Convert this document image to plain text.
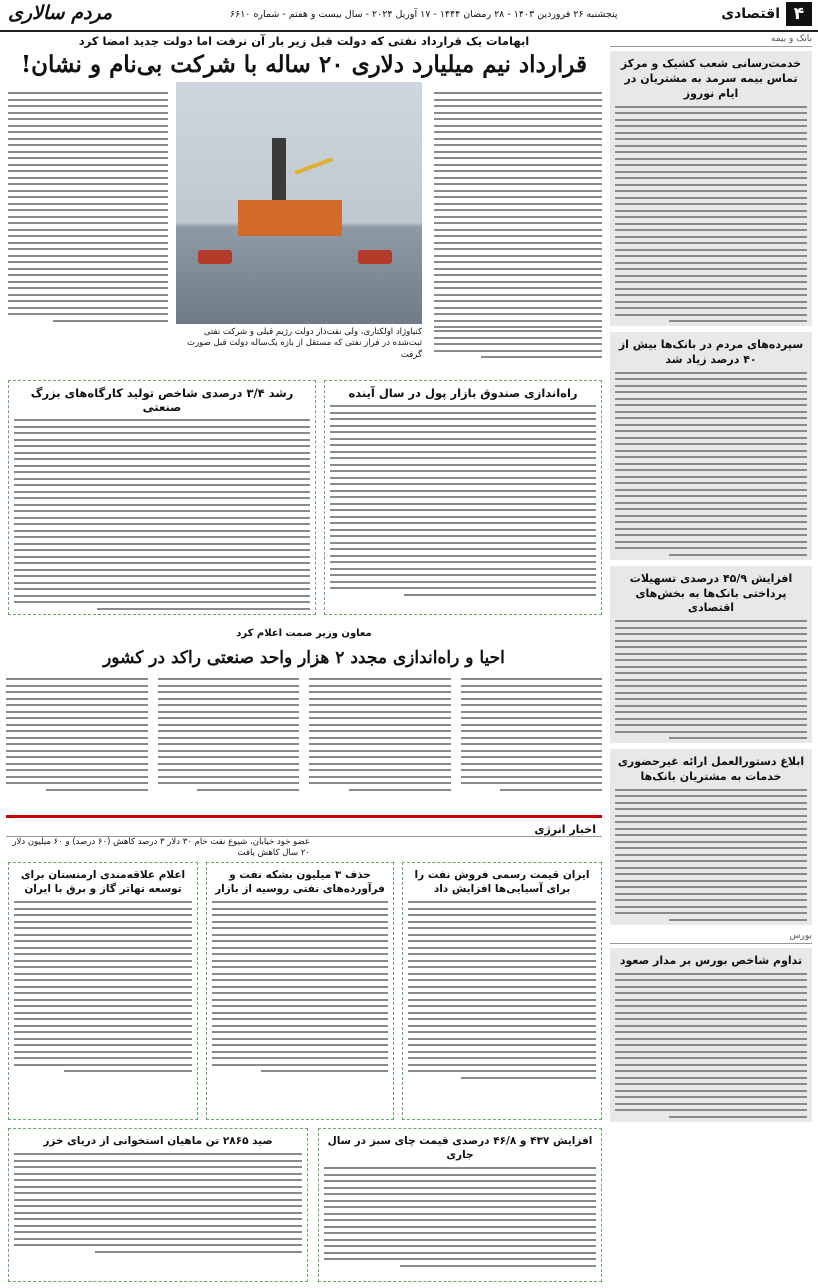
۴
اقتصادی
پنجشنبه ۲۶ فروردین ۱۴۰۳ - ۲۸ رمضان ۱۴۴۴ - ۱۷ آوریل ۲۰۲۴ - سال بیست و هفتم - شماره ۶۶۱۰
مردم سالاری
بانک و بیمه
خدمت‌رسانی شعب کشیک و مرکز تماس بیمه سرمد به مشتریان در ایام نوروز
سپرده‌های مردم در بانک‌ها بیش از ۴۰ درصد زیاد شد
افزایش ۴۵/۹ درصدی تسهیلات پرداختی بانک‌ها به بخش‌های اقتصادی
ابلاغ دستورالعمل ارائه غیرحضوری خدمات به مشتریان بانک‌ها
بورس
تداوم شاخص بورس بر مدار صعود
ابهامات یک قرارداد نفتی که دولت قبل زیر بار آن نرفت اما دولت جدید امضا کرد
قرارداد نیم میلیارد دلاری ۲۰ ساله با شرکت بی‌نام و نشان!
کنیاوژاد اولکتاری، ولی نفت‌دار دولت رژیم قبلی و شرکت نفتی ثبت‌شده در فراز نفتی که مستقل از بازه یک‌ساله دولت قبل صورت گرفت
راه‌اندازی صندوق بازار پول در سال آینده
رشد ۳/۴ درصدی شاخص تولید کارگاه‌های بزرگ صنعتی
معاون وزیر صمت اعلام کرد
احیا و راه‌اندازی مجدد ۲ هزار واحد صنعتی راکد در کشور
اخبار انرژی
عضو خود خیابان، شیوع نفت خام ۳۰ دلار ۳ درصد کاهش (۶۰ درصد) و ۶۰ میلیون دلار ۲۰ سال کاهش یافت
ایران قیمت رسمی فروش نفت را برای آسیایی‌ها افزایش داد
حذف ۳ میلیون بشکه نفت و فرآورده‌های نفتی روسیه از بازار
اعلام علاقه‌مندی ارمنستان برای توسعه تهاتر گاز و برق با ایران
افزایش ۴۳۷ و ۴۶/۸ درصدی قیمت چای سبز در سال جاری
صید ۲۸۶۵ تن ماهیان استخوانی از دریای خزر
